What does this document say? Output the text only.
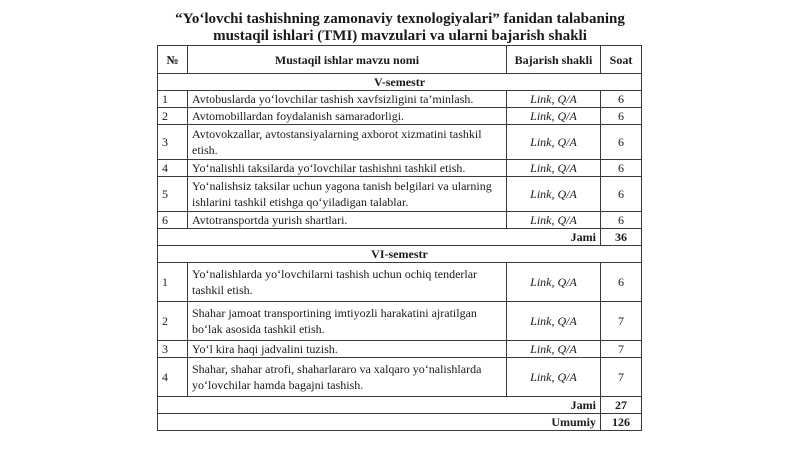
“Yo‘lovchi tashishning zamonaviy texnologiyalari” fanidan talabaning
mustaqil ishlari (TMI) mavzulari va ularni bajarish shakli
№	Mustaqil ishlar mavzu nomi	Bajarish shakli	Soat
V-semestr			
1	Avtobuslarda yo‘lovchilar tashish xavfsizligini ta’minlash.	Link, Q/A	6
2	Avtomobillardan foydalanish samaradorligi.	Link, Q/A	6
3	Avtovokzallar, avtostansiyalarning axborot xizmatini tashkil etish.	Link, Q/A	6
4	Yo‘nalishli taksilarda yo‘lovchilar tashishni tashkil etish.	Link, Q/A	6
5	Yo‘nalishsiz taksilar uchun yagona tanish belgilari va ularning ishlarini tashkil etishga qo‘yiladigan talablar.	Link, Q/A	6
6	Avtotransportda yurish shartlari.	Link, Q/A	6
Jami			36
VI-semestr			
1	Yo‘nalishlarda yo‘lovchilarni tashish uchun ochiq tenderlar tashkil etish.	Link, Q/A	6
2	Shahar jamoat transportining imtiyozli harakatini ajratilgan bo‘lak asosida tashkil etish.	Link, Q/A	7
3	Yo‘l kira haqi jadvalini tuzish.	Link, Q/A	7
4	Shahar, shahar atrofi, shaharlararo va xalqaro yo‘nalishlarda yo‘lovchilar hamda bagajni tashish.	Link, Q/A	7
Jami			27
Umumiy			126
